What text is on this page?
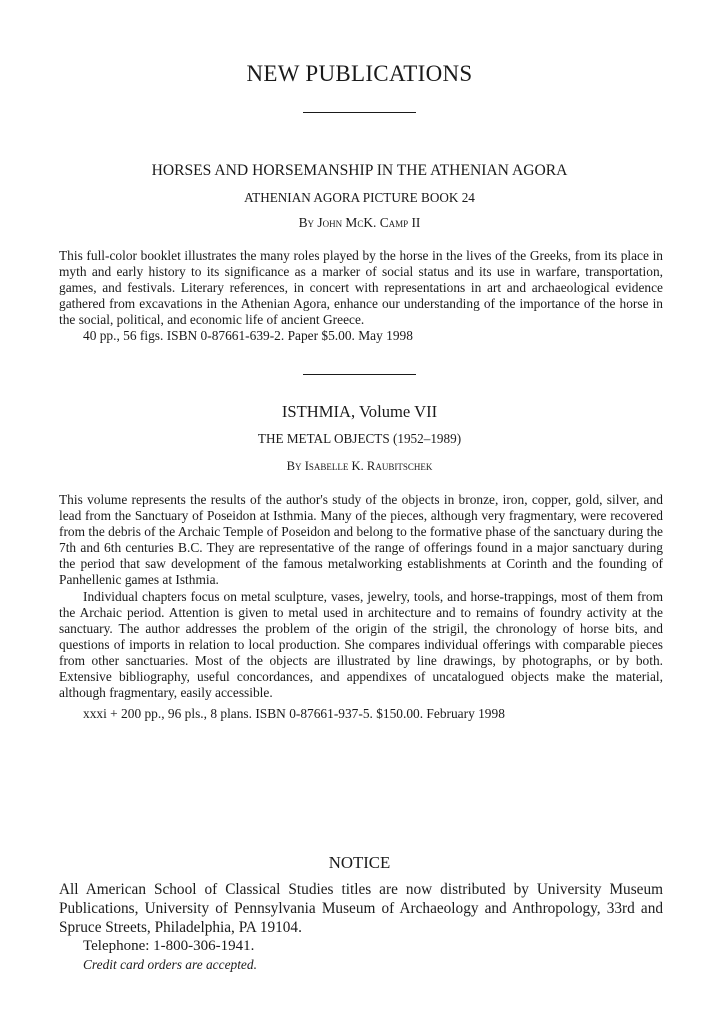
NEW PUBLICATIONS
HORSES AND HORSEMANSHIP IN THE ATHENIAN AGORA

ATHENIAN AGORA PICTURE BOOK 24

By John McK. Camp II

This full-color booklet illustrates the many roles played by the horse in the lives of the Greeks, from its place in myth and early history to its significance as a marker of social status and its use in warfare, transportation, games, and festivals. Literary references, in concert with representations in art and archaeological evidence gathered from excavations in the Athenian Agora, enhance our understanding of the importance of the horse in the social, political, and economic life of ancient Greece.

40 pp., 56 figs. ISBN 0-87661-639-2. Paper $5.00. May 1998

ISTHMIA, Volume VII

THE METAL OBJECTS (1952–1989)

By Isabelle K. Raubitschek

This volume represents the results of the author's study of the objects in bronze, iron, copper, gold, silver, and lead from the Sanctuary of Poseidon at Isthmia. Many of the pieces, although very fragmentary, were recovered from the debris of the Archaic Temple of Poseidon and belong to the formative phase of the sanctuary during the 7th and 6th centuries B.C. They are representative of the range of offerings found in a major sanctuary during the period that saw development of the famous metalworking establishments at Corinth and the founding of Panhellenic games at Isthmia.
Individual chapters focus on metal sculpture, vases, jewelry, tools, and horse-trappings, most of them from the Archaic period. Attention is given to metal used in architecture and to remains of foundry activity at the sanctuary. The author addresses the problem of the origin of the strigil, the chronology of horse bits, and questions of imports in relation to local production. She compares individual offerings with comparable pieces from other sanctuaries. Most of the objects are illustrated by line drawings, by photographs, or by both. Extensive bibliography, useful concordances, and appendixes of uncatalogued objects make the material, although fragmentary, easily accessible.

xxxi + 200 pp., 96 pls., 8 plans. ISBN 0-87661-937-5. $150.00. February 1998

NOTICE

All American School of Classical Studies titles are now distributed by University Museum Publications, University of Pennsylvania Museum of Archaeology and Anthropology, 33rd and Spruce Streets, Philadelphia, PA 19104.

Telephone: 1-800-306-1941.

Credit card orders are accepted.
